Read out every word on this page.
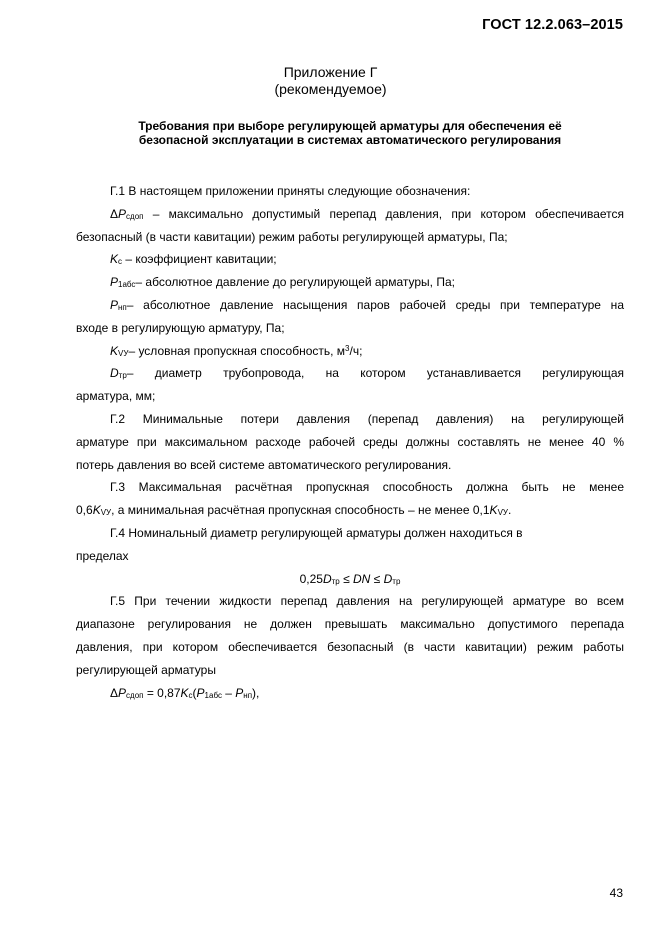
ГОСТ 12.2.063–2015
Приложение Г
(рекомендуемое)
Требования при выборе регулирующей арматуры для обеспечения её
безопасной эксплуатации в системах автоматического регулирования

Г.1 В настоящем приложении приняты следующие обозначения:

$\Delta P_{сдоп}$ – максимально допустимый перепад давления, при котором обеспечивается

безопасный (в части кавитации) режим работы регулирующей арматуры, Па;

$K_с$ – коэффициент кавитации;

$P_{1абс}-$ абсолютное давление до регулирующей арматуры, Па;

$P_{нп}-$ абсолютное давление насыщения паров рабочей среды при температуре на

входе в регулирующую арматуру, Па;

$K_{VУ}-$ условная пропускная способность, $м^3/ч$;

$D_{тр}-$ диаметр трубопровода, на котором устанавливается регулирующая

арматура, мм;

Г.2 Минимальные потери давления (перепад давления) на регулирующей

арматуре при максимальном расходе рабочей среды должны составлять не менее 40 %

потерь давления во всей системе автоматического регулирования.

Г.3 Максимальная расчётная пропускная способность должна быть не менее

$0,6K_{VУ}$, а минимальная расчётная пропускная способность – не менее $0,1K_{VУ}$.

Г.4 Номинальный диаметр регулирующей арматуры должен находиться в

пределах

$0,25D_{тр}$ ≤ DN ≤ $D_{тр}$

Г.5 При течении жидкости перепад давления на регулирующей арматуре во всем

диапазоне регулирования не должен превышать максимально допустимого перепада

давления, при котором обеспечивается безопасный (в части кавитации) режим работы

регулирующей арматуры

$\Delta P_{сдоп} = 0,87K_с(P_{1абс} - P_{нп})$,

43
